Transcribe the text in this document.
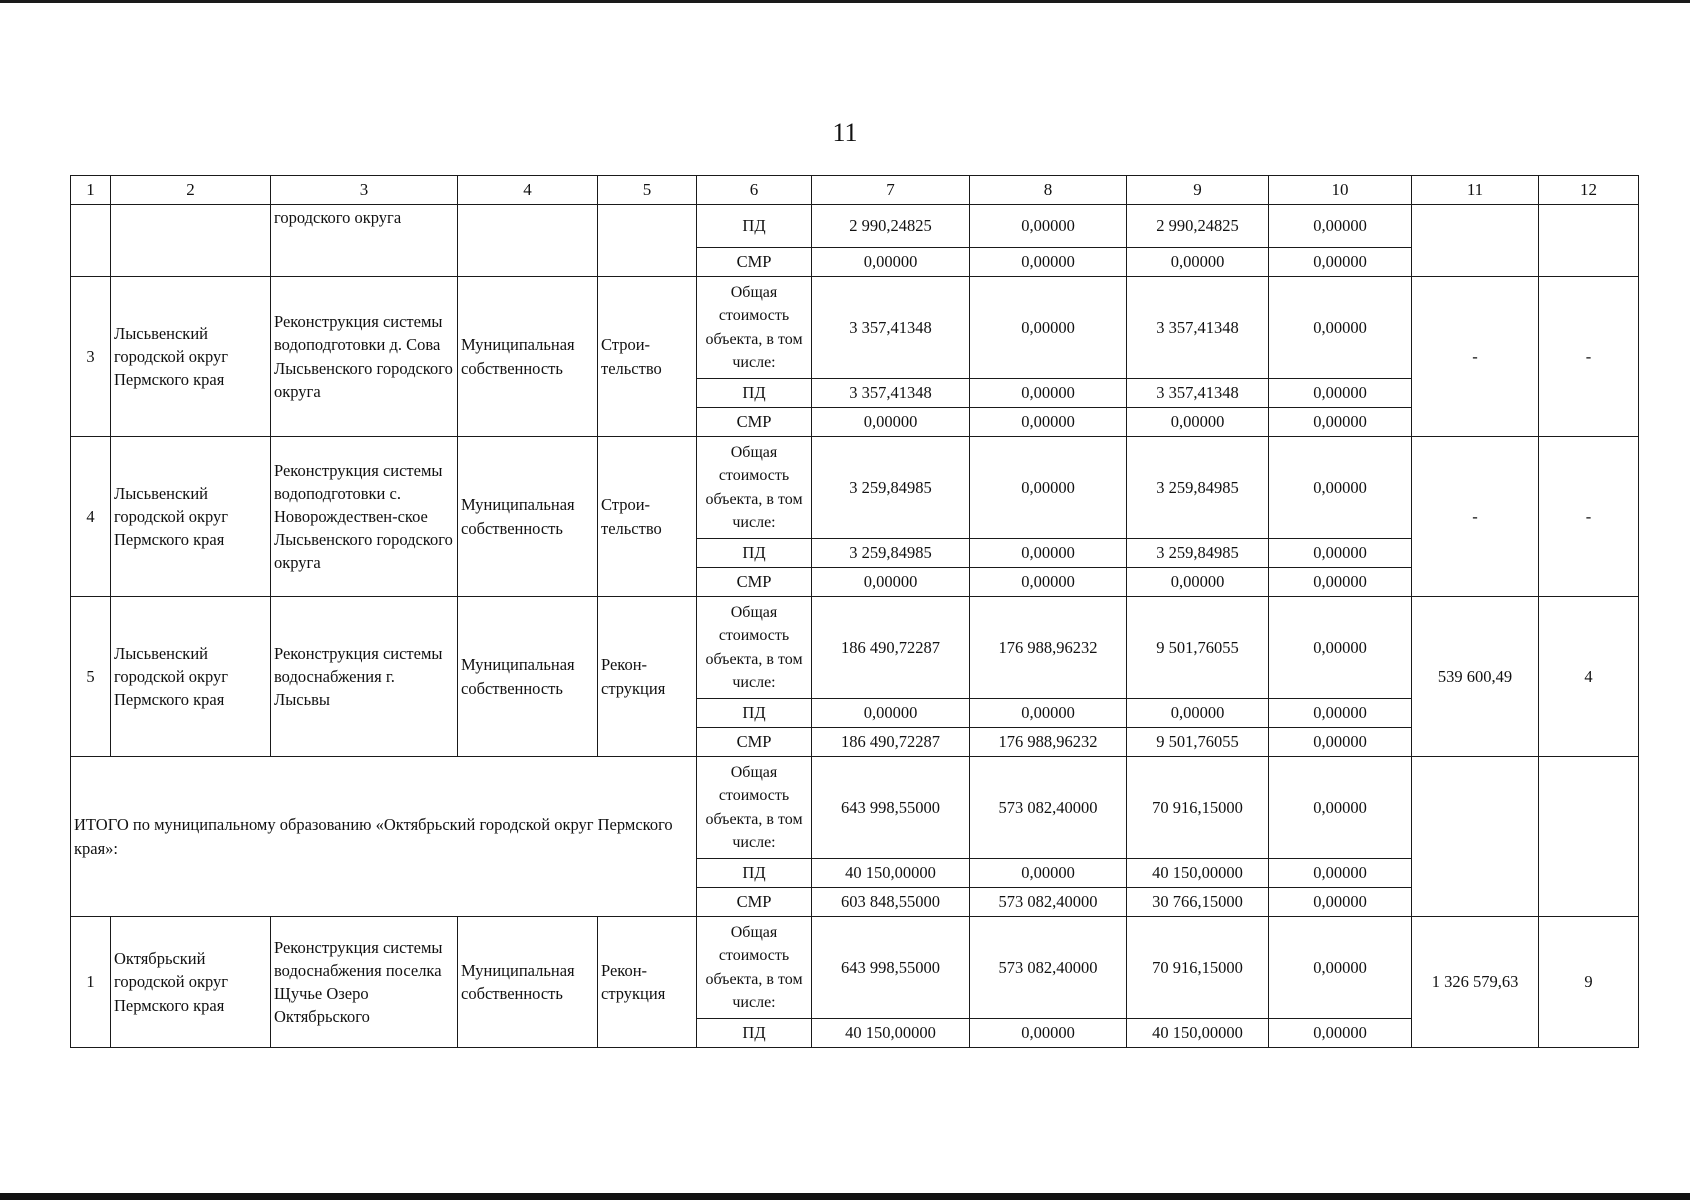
11
1	2	3	4	5	6	7	8	9	10	11	12
		городского округа			ПД	2 990,24825	0,00000	2 990,24825	0,00000		
					СМР	0,00000	0,00000	0,00000	0,00000		
3	Лысьвенский городской округ Пермского края	Реконструкция системы водоподготовки д. Сова Лысьвенского городского округа	Муниципальная собственность	Строи-тельство	Общая стоимость объекта, в том числе:	3 357,41348	0,00000	3 357,41348	0,00000	-	-
					ПД	3 357,41348	0,00000	3 357,41348	0,00000		
					СМР	0,00000	0,00000	0,00000	0,00000		
4	Лысьвенский городской округ Пермского края	Реконструкция системы водоподготовки с. Новорождествен-ское Лысьвенского городского округа	Муниципальная собственность	Строи-тельство	Общая стоимость объекта, в том числе:	3 259,84985	0,00000	3 259,84985	0,00000	-	-
					ПД	3 259,84985	0,00000	3 259,84985	0,00000		
					СМР	0,00000	0,00000	0,00000	0,00000		
5	Лысьвенский городской округ Пермского края	Реконструкция системы водоснабжения г. Лысьвы	Муниципальная собственность	Рекон-струкция	Общая стоимость объекта, в том числе:	186 490,72287	176 988,96232	9 501,76055	0,00000	539 600,49	4
					ПД	0,00000	0,00000	0,00000	0,00000		
					СМР	186 490,72287	176 988,96232	9 501,76055	0,00000		
ИТОГО по муниципальному образованию «Октябрьский городской округ Пермского края»:					Общая стоимость объекта, в том числе:	643 998,55000	573 082,40000	70 916,15000	0,00000		
					ПД	40 150,00000	0,00000	40 150,00000	0,00000		
					СМР	603 848,55000	573 082,40000	30 766,15000	0,00000		
1	Октябрьский городской округ Пермского края	Реконструкция системы водоснабжения поселка Щучье Озеро Октябрьского	Муниципальная собственность	Рекон-струкция	Общая стоимость объекта, в том числе:	643 998,55000	573 082,40000	70 916,15000	0,00000	1 326 579,63	9
					ПД	40 150,00000	0,00000	40 150,00000	0,00000		
